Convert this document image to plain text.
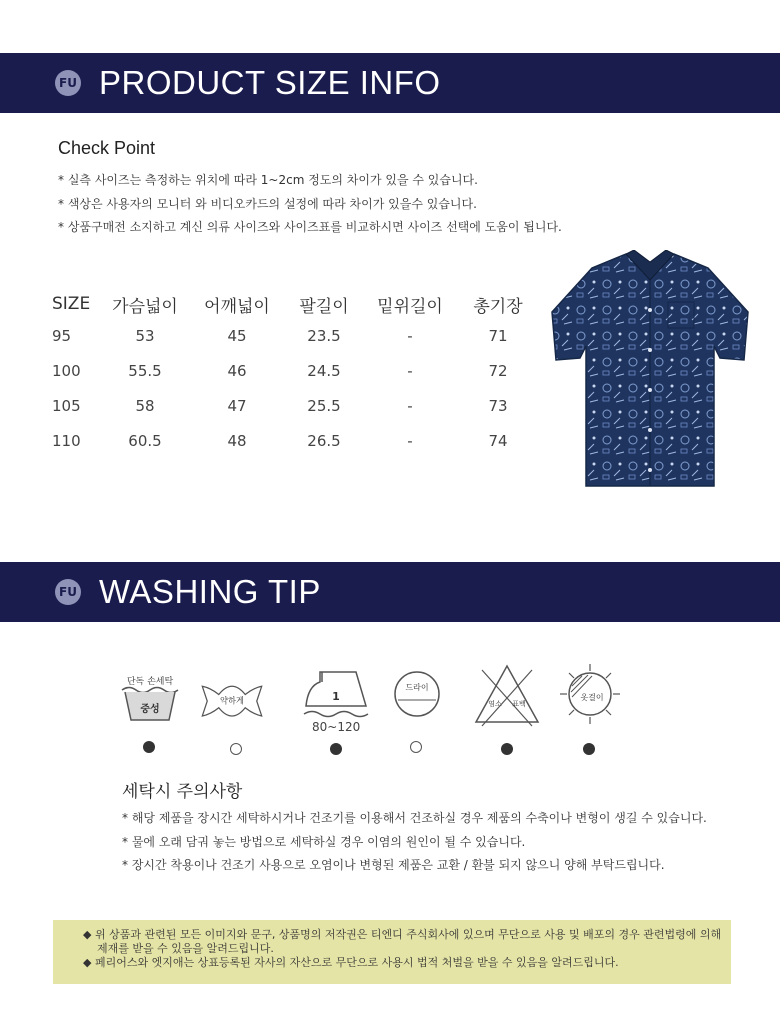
FU PRODUCT SIZE INFO
Check Point
* 실측 사이즈는 측정하는 위치에 따라 1~2cm 정도의 차이가 있을 수 있습니다.
* 색상은 사용자의 모니터 와 비디오카드의 설정에 따라 차이가 있을수 있습니다.
* 상품구매전 소지하고 계신 의류 사이즈와 사이즈표를 비교하시면 사이즈 선택에 도움이 됩니다.
SIZE	가슴넓이	어깨넓이	팔길이	밑위길이	총기장
95	53	45	23.5	-	71
100	55.5	46	24.5	-	72
105	58	47	25.5	-	73
110	60.5	48	26.5	-	74
FU WASHING TIP
단독 손세탁
중성
약하게	1
80~120
드라이
염소 표백
옷걸이
세탁시 주의사항
* 해당 제품을 장시간 세탁하시거나 건조기를 이용해서 건조하실 경우 제품의 수축이나 변형이 생길 수 있습니다.
* 물에 오래 담궈 놓는 방법으로 세탁하실 경우 이염의 원인이 될 수 있습니다.
* 장시간 착용이나 건조기 사용으로 오염이나 변형된 제품은 교환 / 환불 되지 않으니 양해 부탁드립니다.
◆ 위 상품과 관련된 모든 이미지와 문구, 상품명의 저작권은 티엔디 주식회사에 있으며 무단으로 사용 및 배포의 경우 관련법령에 의해
제재를 받을 수 있음을 알려드립니다.
◆ 페리어스와 엣지애는 상표등록된 자사의 자산으로 무단으로 사용시 법적 처벌을 받을 수 있음을 알려드립니다.
